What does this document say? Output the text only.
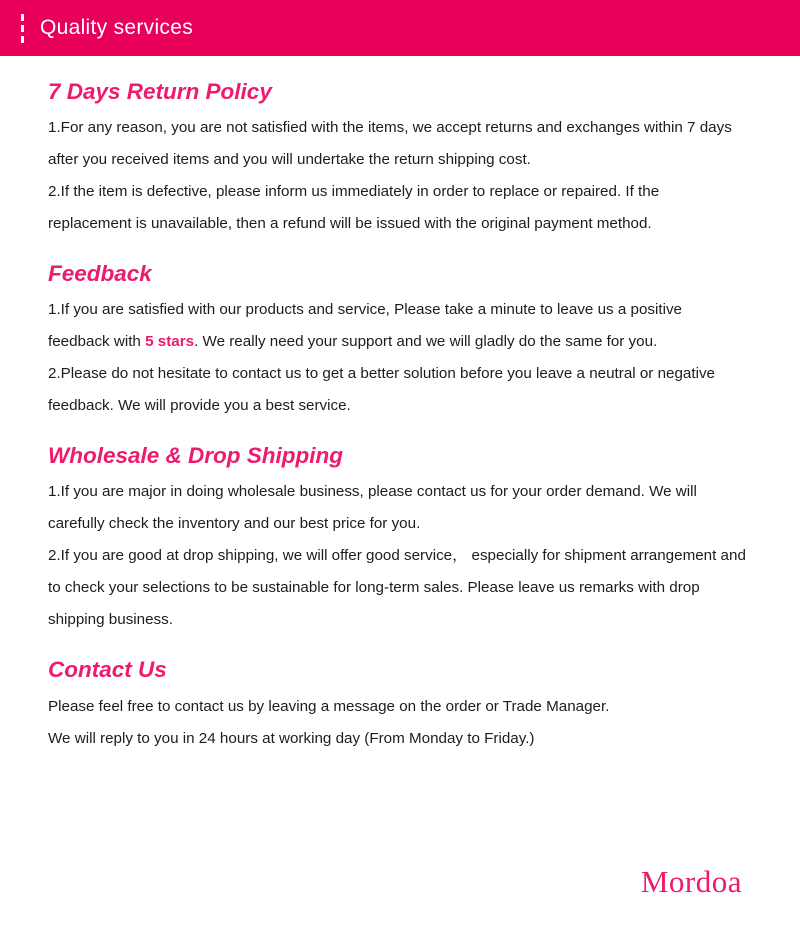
Quality services
7 Days Return Policy

1.For any reason, you are not satisfied with the items, we accept returns and exchanges within 7 days after you received items and you will undertake the return shipping cost.

2.If the item is defective, please inform us immediately in order to replace or repaired. If the replacement is unavailable, then a refund will be issued with the original payment method.

Feedback

1.If you are satisfied with our products and service, Please take a minute to leave us a positive feedback with 5 stars. We really need your support and we will gladly do the same for you.

2.Please do not hesitate to contact us to get a better solution before you leave a neutral or negative feedback. We will provide you a best service.

Wholesale & Drop Shipping

1.If you are major in doing wholesale business, please contact us for your order demand. We will carefully check the inventory and our best price for you.

2.If you are good at drop shipping, we will offer good service， especially for shipment arrangement and to check your selections to be sustainable for long-term sales. Please leave us remarks with drop shipping business.

Contact Us

Please feel free to contact us by leaving a message on the order or Trade Manager.

We will reply to you in 24 hours at working day (From Monday to Friday.)

Mordoa
